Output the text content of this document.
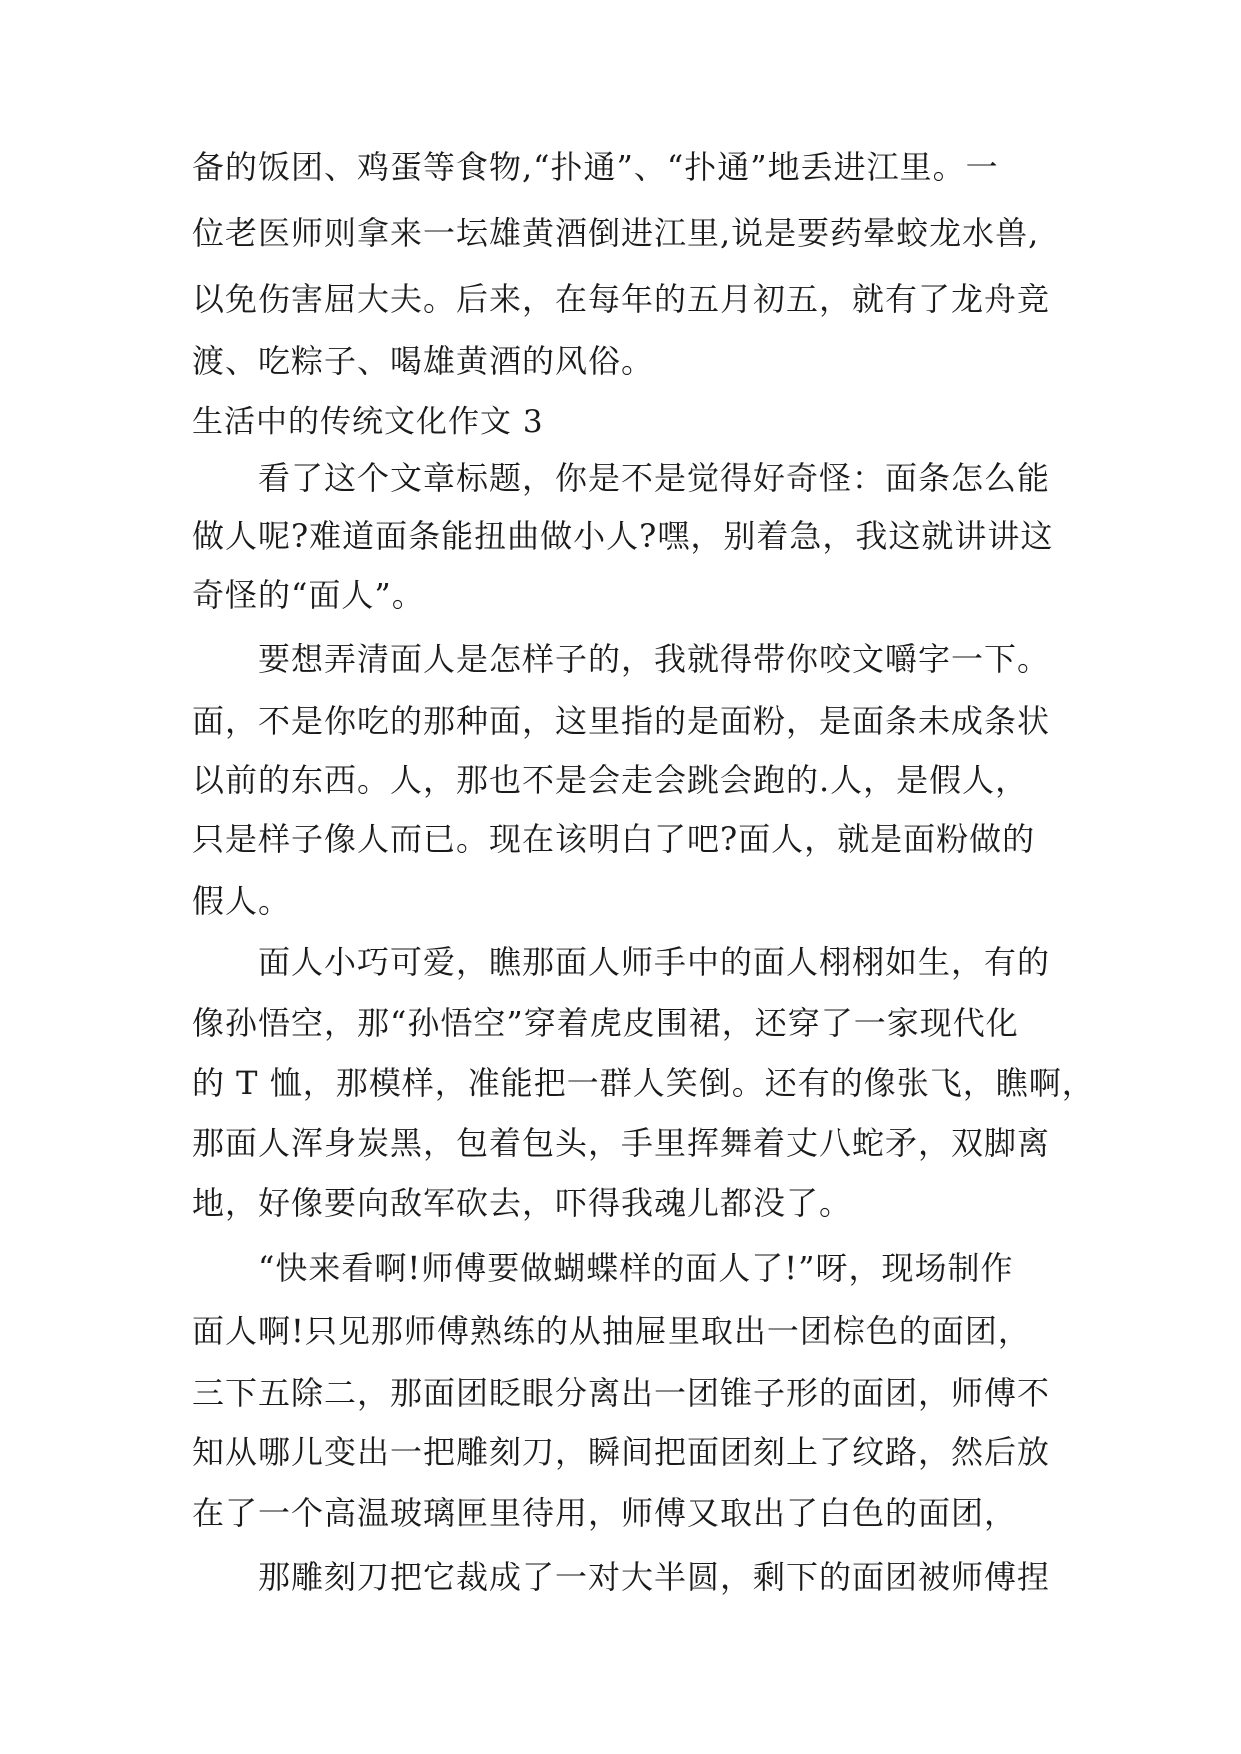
备的饭团、鸡蛋等食物,“扑通”、“扑通”地丢进江里。一
位老医师则拿来一坛雄黄酒倒进江里,说是要药晕蛟龙水兽,
以免伤害屈大夫。后来，在每年的五月初五，就有了龙舟竞
渡、吃粽子、喝雄黄酒的风俗。
生活中的传统文化作文 3
看了这个文章标题，你是不是觉得好奇怪：面条怎么能
做人呢?难道面条能扭曲做小人?嘿，别着急，我这就讲讲这
奇怪的“面人”。
要想弄清面人是怎样子的，我就得带你咬文嚼字一下。
面，不是你吃的那种面，这里指的是面粉，是面条未成条状
以前的东西。人，那也不是会走会跳会跑的.人，是假人，
只是样子像人而已。现在该明白了吧?面人，就是面粉做的
假人。
面人小巧可爱，瞧那面人师手中的面人栩栩如生，有的
像孙悟空，那“孙悟空”穿着虎皮围裙，还穿了一家现代化
的 T 恤，那模样，准能把一群人笑倒。还有的像张飞，瞧啊，
那面人浑身炭黑，包着包头，手里挥舞着丈八蛇矛，双脚离
地，好像要向敌军砍去，吓得我魂儿都没了。
“快来看啊!师傅要做蝴蝶样的面人了!”呀，现场制作
面人啊!只见那师傅熟练的从抽屉里取出一团棕色的面团，
三下五除二，那面团眨眼分离出一团锥子形的面团，师傅不
知从哪儿变出一把雕刻刀，瞬间把面团刻上了纹路，然后放
在了一个高温玻璃匣里待用，师傅又取出了白色的面团，
那雕刻刀把它裁成了一对大半圆，剩下的面团被师傅捏
